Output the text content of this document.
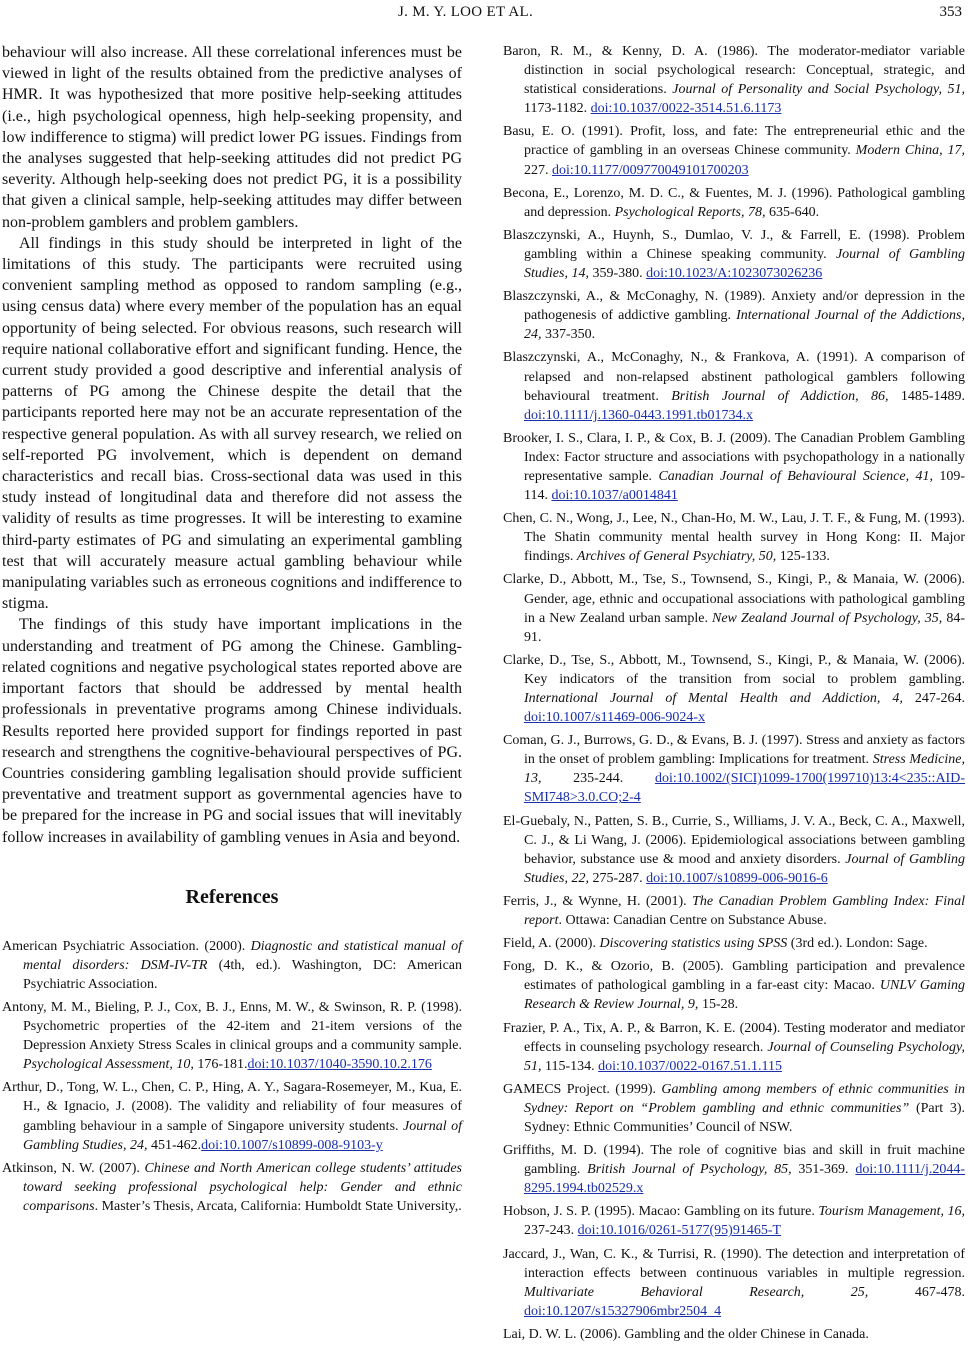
J. M. Y. LOO ET AL.	353

behaviour will also increase. All these correlational inferences must be viewed in light of the results obtained from the predictive analyses of HMR. It was hypothesized that more positive help-seeking attitudes (i.e., high psychological openness, high help-seeking propensity, and low indifference to stigma) will predict lower PG issues. Findings from the analyses suggested that help-seeking attitudes did not predict PG severity. Although help-seeking does not predict PG, it is a possibility that given a clinical sample, help-seeking attitudes may differ between non-problem gamblers and problem gamblers.

All findings in this study should be interpreted in light of the limitations of this study. The participants were recruited using convenient sampling method as opposed to random sampling (e.g., using census data) where every member of the population has an equal opportunity of being selected. For obvious reasons, such research will require national collaborative effort and significant funding. Hence, the current study provided a good descriptive and inferential analysis of patterns of PG among the Chinese despite the detail that the participants reported here may not be an accurate representation of the respective general population. As with all survey research, we relied on self-reported PG involvement, which is dependent on demand characteristics and recall bias. Cross-sectional data was used in this study instead of longitudinal data and therefore did not assess the validity of results as time progresses. It will be interesting to examine third-party estimates of PG and simulating an experimental gambling test that will accurately measure actual gambling behaviour while manipulating variables such as erroneous cognitions and indifference to stigma.

The findings of this study have important implications in the understanding and treatment of PG among the Chinese. Gambling-related cognitions and negative psychological states reported above are important factors that should be addressed by mental health professionals in preventative programs among Chinese individuals. Results reported here provided support for findings reported in past research and strengthens the cognitive-behavioural perspectives of PG. Countries considering gambling legalisation should provide sufficient preventative and treatment support as governmental agencies have to be prepared for the increase in PG and social issues that will inevitably follow increases in availability of gambling venues in Asia and beyond.

References

American Psychiatric Association. (2000). Diagnostic and statistical manual of mental disorders: DSM-IV-TR (4th, ed.). Washington, DC: American Psychiatric Association.

Antony, M. M., Bieling, P. J., Cox, B. J., Enns, M. W., & Swinson, R. P. (1998). Psychometric properties of the 42-item and 21-item versions of the Depression Anxiety Stress Scales in clinical groups and a community sample. Psychological Assessment, 10, 176-181.doi:10.1037/1040-3590.10.2.176

Arthur, D., Tong, W. L., Chen, C. P., Hing, A. Y., Sagara-Rosemeyer, M., Kua, E. H., & Ignacio, J. (2008). The validity and reliability of four measures of gambling behaviour in a sample of Singapore university students. Journal of Gambling Studies, 24, 451-462.doi:10.1007/s10899-008-9103-y

Atkinson, N. W. (2007). Chinese and North American college students’ attitudes toward seeking professional psychological help: Gender and ethnic comparisons. Master’s Thesis, Arcata, California: Humboldt State University,.

Baron, R. M., & Kenny, D. A. (1986). The moderator-mediator variable distinction in social psychological research: Conceptual, strategic, and statistical considerations. Journal of Personality and Social Psychology, 51, 1173-1182. doi:10.1037/0022-3514.51.6.1173

Basu, E. O. (1991). Profit, loss, and fate: The entrepreneurial ethic and the practice of gambling in an overseas Chinese community. Modern China, 17, 227. doi:10.1177/009770049101700203

Becona, E., Lorenzo, M. D. C., & Fuentes, M. J. (1996). Pathological gambling and depression. Psychological Reports, 78, 635-640.

Blaszczynski, A., Huynh, S., Dumlao, V. J., & Farrell, E. (1998). Problem gambling within a Chinese speaking community. Journal of Gambling Studies, 14, 359-380. doi:10.1023/A:1023073026236

Blaszczynski, A., & McConaghy, N. (1989). Anxiety and/or depression in the pathogenesis of addictive gambling. International Journal of the Addictions, 24, 337-350.

Blaszczynski, A., McConaghy, N., & Frankova, A. (1991). A comparison of relapsed and non-relapsed abstinent pathological gamblers following behavioural treatment. British Journal of Addiction, 86, 1485-1489. doi:10.1111/j.1360-0443.1991.tb01734.x

Brooker, I. S., Clara, I. P., & Cox, B. J. (2009). The Canadian Problem Gambling Index: Factor structure and associations with psychopathology in a nationally representative sample. Canadian Journal of Behavioural Science, 41, 109-114. doi:10.1037/a0014841

Chen, C. N., Wong, J., Lee, N., Chan-Ho, M. W., Lau, J. T. F., & Fung, M. (1993). The Shatin community mental health survey in Hong Kong: II. Major findings. Archives of General Psychiatry, 50, 125-133.

Clarke, D., Abbott, M., Tse, S., Townsend, S., Kingi, P., & Manaia, W. (2006). Gender, age, ethnic and occupational associations with pathological gambling in a New Zealand urban sample. New Zealand Journal of Psychology, 35, 84-91.

Clarke, D., Tse, S., Abbott, M., Townsend, S., Kingi, P., & Manaia, W. (2006). Key indicators of the transition from social to problem gambling. International Journal of Mental Health and Addiction, 4, 247-264. doi:10.1007/s11469-006-9024-x

Coman, G. J., Burrows, G. D., & Evans, B. J. (1997). Stress and anxiety as factors in the onset of problem gambling: Implications for treatment. Stress Medicine, 13, 235-244. doi:10.1002/(SICI)1099-1700(199710)13:4<235::AID-SMI748>3.0.CO;2-4

El-Guebaly, N., Patten, S. B., Currie, S., Williams, J. V. A., Beck, C. A., Maxwell, C. J., & Li Wang, J. (2006). Epidemiological associations between gambling behavior, substance use & mood and anxiety disorders. Journal of Gambling Studies, 22, 275-287. doi:10.1007/s10899-006-9016-6

Ferris, J., & Wynne, H. (2001). The Canadian Problem Gambling Index: Final report. Ottawa: Canadian Centre on Substance Abuse.

Field, A. (2000). Discovering statistics using SPSS (3rd ed.). London: Sage.

Fong, D. K., & Ozorio, B. (2005). Gambling participation and prevalence estimates of pathological gambling in a far-east city: Macao. UNLV Gaming Research & Review Journal, 9, 15-28.

Frazier, P. A., Tix, A. P., & Barron, K. E. (2004). Testing moderator and mediator effects in counseling psychology research. Journal of Counseling Psychology, 51, 115-134. doi:10.1037/0022-0167.51.1.115

GAMECS Project. (1999). Gambling among members of ethnic communities in Sydney: Report on “Problem gambling and ethnic communities” (Part 3). Sydney: Ethnic Communities’ Council of NSW.

Griffiths, M. D. (1994). The role of cognitive bias and skill in fruit machine gambling. British Journal of Psychology, 85, 351-369. doi:10.1111/j.2044-8295.1994.tb02529.x

Hobson, J. S. P. (1995). Macao: Gambling on its future. Tourism Management, 16, 237-243. doi:10.1016/0261-5177(95)91465-T

Jaccard, J., Wan, C. K., & Turrisi, R. (1990). The detection and interpretation of interaction effects between continuous variables in multiple regression. Multivariate Behavioral Research, 25, 467-478. doi:10.1207/s15327906mbr2504_4

Lai, D. W. L. (2006). Gambling and the older Chinese in Canada.
